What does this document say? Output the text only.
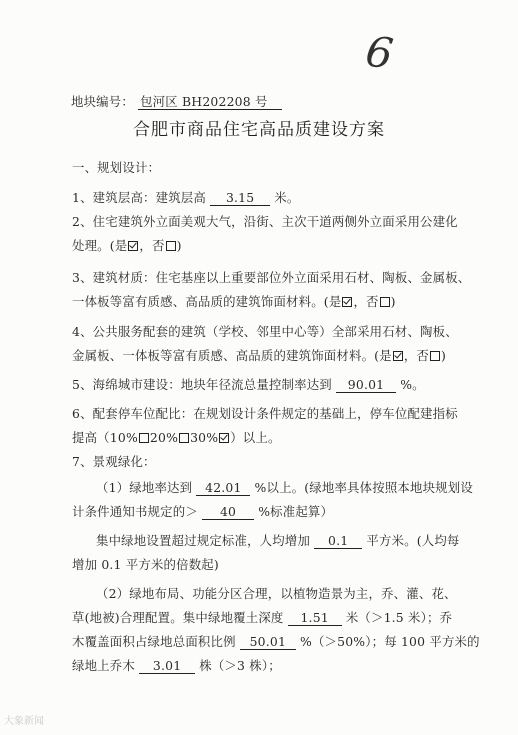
6
地块编号： 包河区 BH202208 号
合肥市商品住宅高品质建设方案
一、规划设计：
1、建筑层高：建筑层高 3.15 米。
2、住宅建筑外立面美观大气，沿街、主次干道两侧外立面采用公建化
处理。(是 ，否 )
3、建筑材质：住宅基座以上重要部位外立面采用石材、陶板、金属板、
一体板等富有质感、高品质的建筑饰面材料。(是 ，否 )
4、公共服务配套的建筑（学校、邻里中心等）全部采用石材、陶板、
金属板、一体板等富有质感、高品质的建筑饰面材料。(是 ，否 )
5、海绵城市建设：地块年径流总量控制率达到 90.01 %。
6、配套停车位配比：在规划设计条件规定的基础上，停车位配建指标
提高（10% 20% 30% ）以上。
7、景观绿化：
（1）绿地率达到 42.01 %以上。(绿地率具体按照本地块规划设
计条件通知书规定的＞ 40 %标准起算）
集中绿地设置超过规定标准，人均增加 0.1 平方米。(人均每
增加 0.1 平方米的倍数起)
（2）绿地布局、功能分区合理，以植物造景为主，乔、灌、花、
草(地被)合理配置。集中绿地覆土深度 1.51 米（＞1.5 米）；乔
木覆盖面积占绿地总面积比例 50.01 %（＞50%）；每 100 平方米的
绿地上乔木 3.01 株（＞3 株）；
大象新闻
